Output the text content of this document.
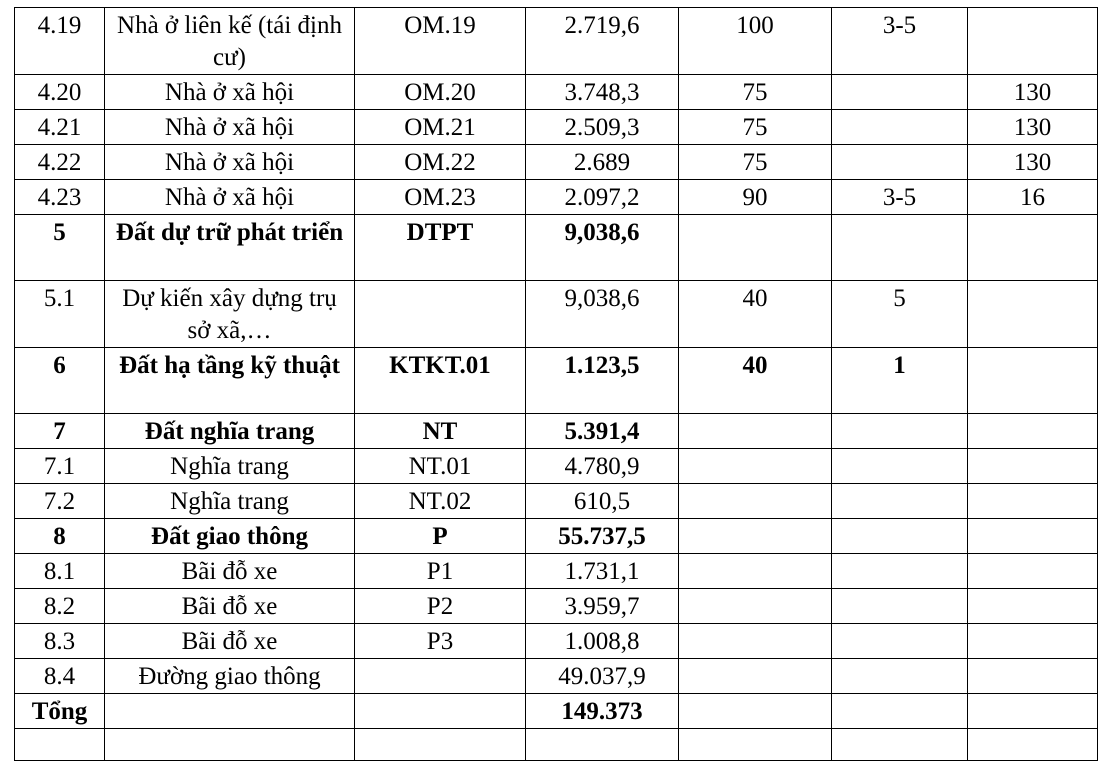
4.19	Nhà ở liên kế (tái định cư)	OM.19	2.719,6	100	3-5	
4.20	Nhà ở xã hội	OM.20	3.748,3	75		130
4.21	Nhà ở xã hội	OM.21	2.509,3	75		130
4.22	Nhà ở xã hội	OM.22	2.689	75		130
4.23	Nhà ở xã hội	OM.23	2.097,2	90	3-5	16
5	Đất dự trữ phát triển	DTPT	9,038,6			
5.1	Dự kiến xây dựng trụ sở xã,…		9,038,6	40	5	
6	Đất hạ tầng kỹ thuật	KTKT.01	1.123,5	40	1	
7	Đất nghĩa trang	NT	5.391,4			
7.1	Nghĩa trang	NT.01	4.780,9			
7.2	Nghĩa trang	NT.02	610,5			
8	Đất giao thông	P	55.737,5			
8.1	Bãi đỗ xe	P1	1.731,1			
8.2	Bãi đỗ xe	P2	3.959,7			
8.3	Bãi đỗ xe	P3	1.008,8			
8.4	Đường giao thông		49.037,9			
Tổng			149.373			
